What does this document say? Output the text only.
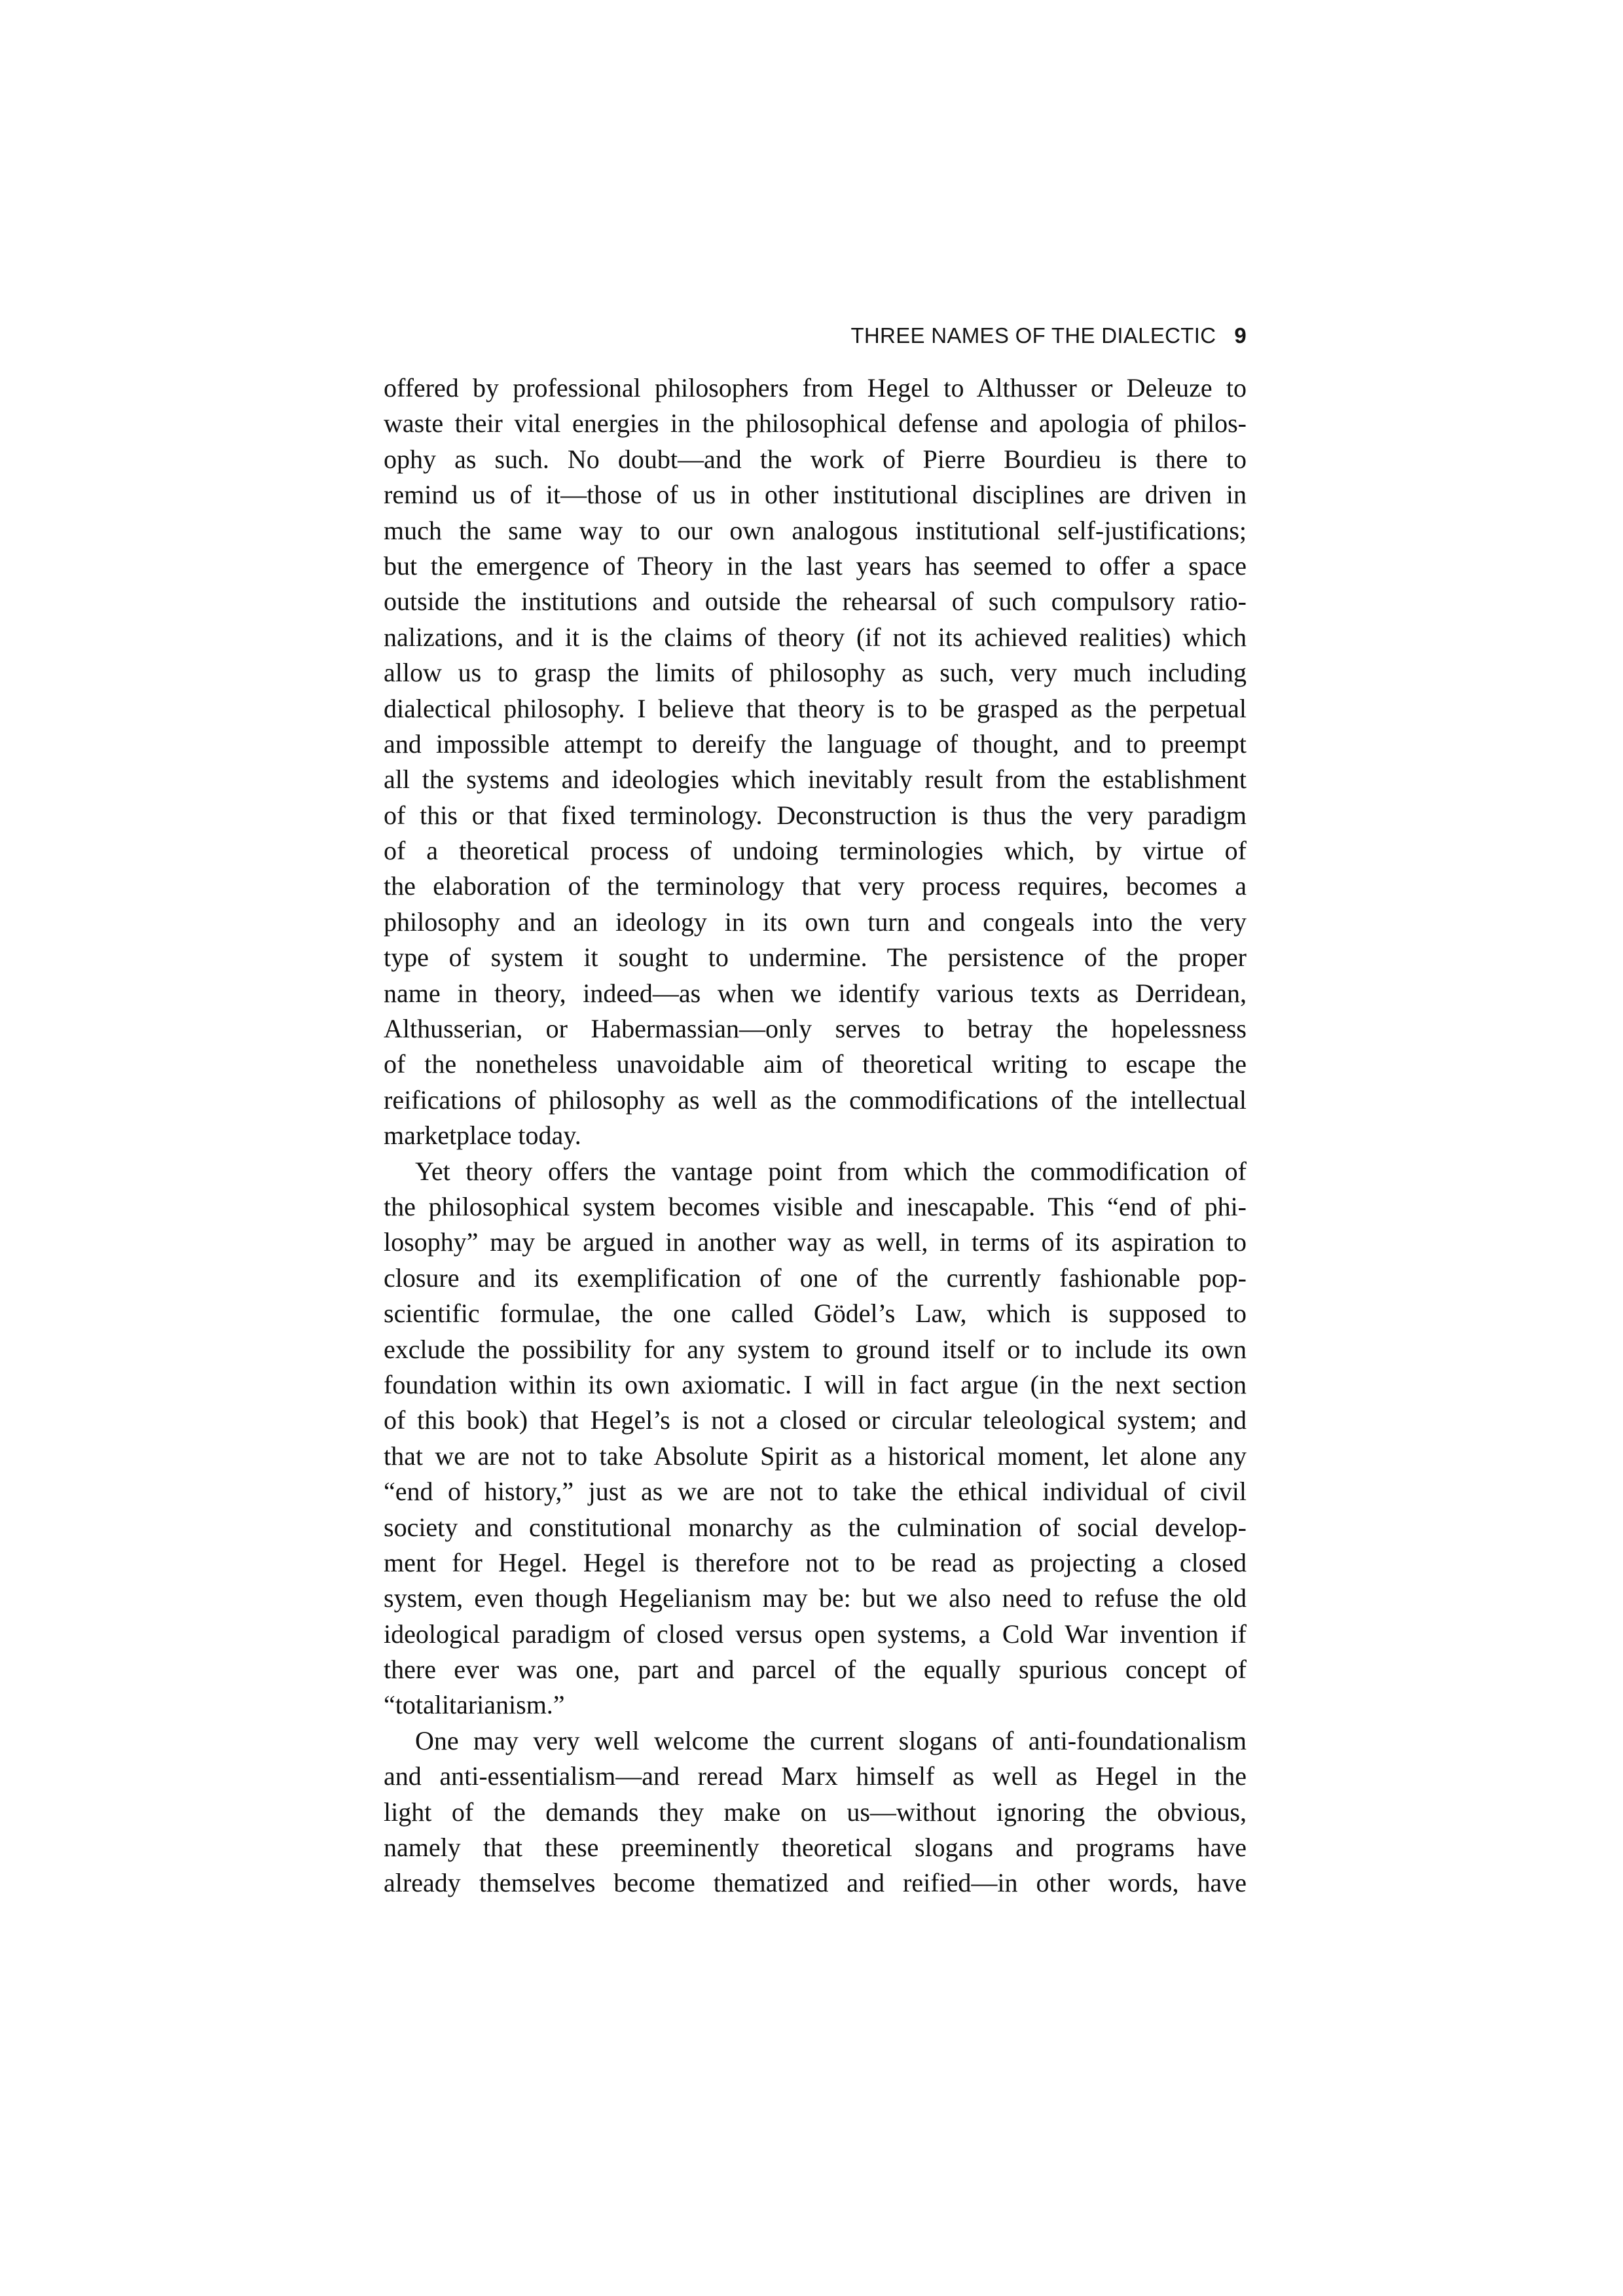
THREE NAMES OF THE DIALECTIC 9
offered by professional philosophers from Hegel to Althusser or Deleuze to
waste their vital energies in the philosophical defense and apologia of philos-
ophy as such. No doubt—and the work of Pierre Bourdieu is there to
remind us of it—those of us in other institutional disciplines are driven in
much the same way to our own analogous institutional self-justifications;
but the emergence of Theory in the last years has seemed to offer a space
outside the institutions and outside the rehearsal of such compulsory ratio-
nalizations, and it is the claims of theory (if not its achieved realities) which
allow us to grasp the limits of philosophy as such, very much including
dialectical philosophy. I believe that theory is to be grasped as the perpetual
and impossible attempt to dereify the language of thought, and to preempt
all the systems and ideologies which inevitably result from the establishment
of this or that fixed terminology. Deconstruction is thus the very paradigm
of a theoretical process of undoing terminologies which, by virtue of
the elaboration of the terminology that very process requires, becomes a
philosophy and an ideology in its own turn and congeals into the very
type of system it sought to undermine. The persistence of the proper
name in theory, indeed—as when we identify various texts as Derridean,
Althusserian, or Habermassian—only serves to betray the hopelessness
of the nonetheless unavoidable aim of theoretical writing to escape the
reifications of philosophy as well as the commodifications of the intellectual
marketplace today.
Yet theory offers the vantage point from which the commodification of
the philosophical system becomes visible and inescapable. This “end of phi-
losophy” may be argued in another way as well, in terms of its aspiration to
closure and its exemplification of one of the currently fashionable pop-
scientific formulae, the one called Gödel’s Law, which is supposed to
exclude the possibility for any system to ground itself or to include its own
foundation within its own axiomatic. I will in fact argue (in the next section
of this book) that Hegel’s is not a closed or circular teleological system; and
that we are not to take Absolute Spirit as a historical moment, let alone any
“end of history,” just as we are not to take the ethical individual of civil
society and constitutional monarchy as the culmination of social develop-
ment for Hegel. Hegel is therefore not to be read as projecting a closed
system, even though Hegelianism may be: but we also need to refuse the old
ideological paradigm of closed versus open systems, a Cold War invention if
there ever was one, part and parcel of the equally spurious concept of
“totalitarianism.”
One may very well welcome the current slogans of anti-foundationalism
and anti-essentialism—and reread Marx himself as well as Hegel in the
light of the demands they make on us—without ignoring the obvious,
namely that these preeminently theoretical slogans and programs have
already themselves become thematized and reified—in other words, have
